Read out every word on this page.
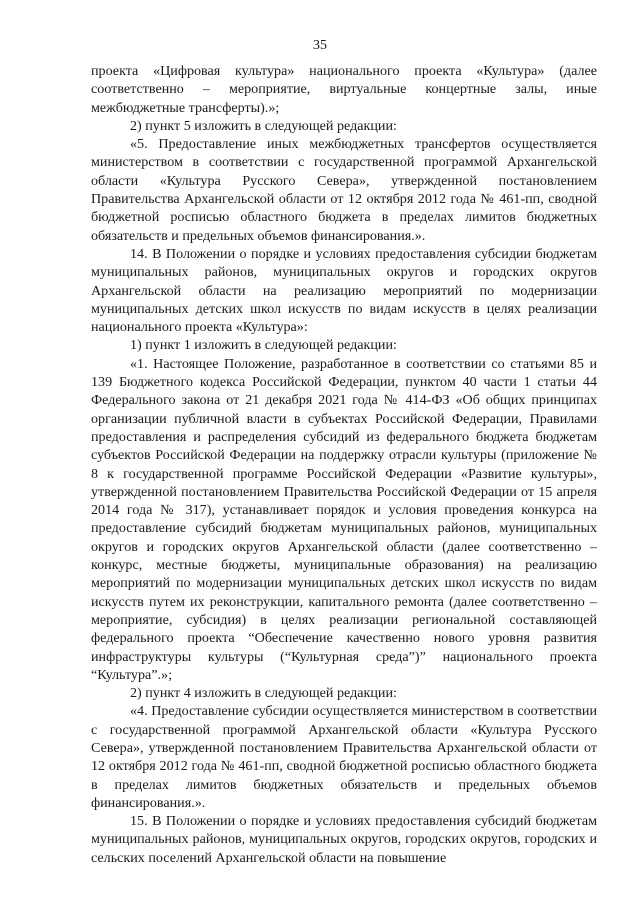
35

проекта «Цифровая культура» национального проекта «Культура» (далее соответственно – мероприятие, виртуальные концертные залы, иные межбюджетные трансферты).»;

2) пункт 5 изложить в следующей редакции:

«5. Предоставление иных межбюджетных трансфертов осуществляется министерством в соответствии с государственной программой Архангельской области «Культура Русского Севера», утвержденной постановлением Правительства Архангельской области от 12 октября 2012 года № 461-пп, сводной бюджетной росписью областного бюджета в пределах лимитов бюджетных обязательств и предельных объемов финансирования.».

14. В Положении о порядке и условиях предоставления субсидии бюджетам муниципальных районов, муниципальных округов и городских округов Архангельской области на реализацию мероприятий по модернизации муниципальных детских школ искусств по видам искусств в целях реализации национального проекта «Культура»:

1) пункт 1 изложить в следующей редакции:

«1. Настоящее Положение, разработанное в соответствии со статьями 85 и 139 Бюджетного кодекса Российской Федерации, пунктом 40 части 1 статьи 44 Федерального закона от 21 декабря 2021 года № 414-ФЗ «Об общих принципах организации публичной власти в субъектах Российской Федерации, Правилами предоставления и распределения субсидий из федерального бюджета бюджетам субъектов Российской Федерации на поддержку отрасли культуры (приложение № 8 к государственной программе Российской Федерации «Развитие культуры», утвержденной постановлением Правительства Российской Федерации от 15 апреля 2014 года № 317), устанавливает порядок и условия проведения конкурса на предоставление субсидий бюджетам муниципальных районов, муниципальных округов и городских округов Архангельской области (далее соответственно – конкурс, местные бюджеты, муниципальные образования) на реализацию мероприятий по модернизации муниципальных детских школ искусств по видам искусств путем их реконструкции, капитального ремонта (далее соответственно – мероприятие, субсидия) в целях реализации региональной составляющей федерального проекта “Обеспечение качественно нового уровня развития инфраструктуры культуры (“Культурная среда”)” национального проекта “Культура”.»;

2) пункт 4 изложить в следующей редакции:

«4. Предоставление субсидии осуществляется министерством в соответствии с государственной программой Архангельской области «Культура Русского Севера», утвержденной постановлением Правительства Архангельской области от 12 октября 2012 года № 461-пп, сводной бюджетной росписью областного бюджета в пределах лимитов бюджетных обязательств и предельных объемов финансирования.».

15. В Положении о порядке и условиях предоставления субсидий бюджетам муниципальных районов, муниципальных округов, городских округов, городских и сельских поселений Архангельской области на повышение
